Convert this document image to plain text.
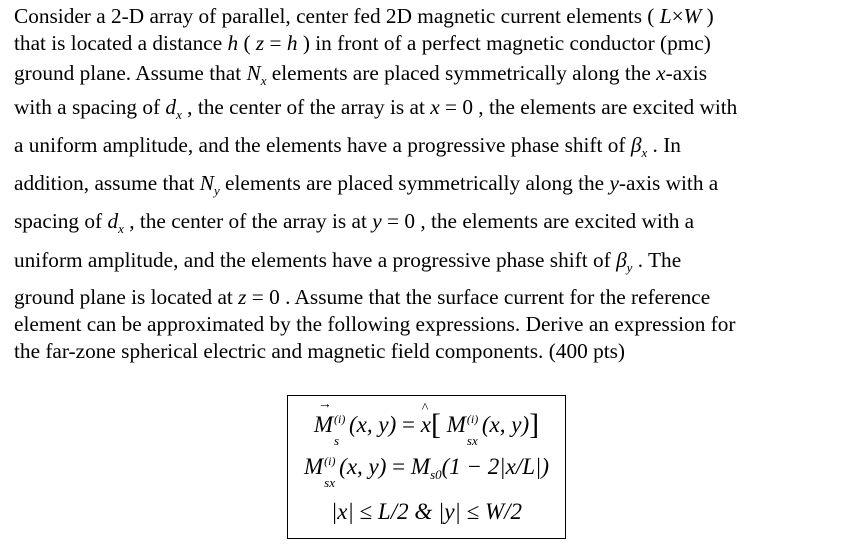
Consider a 2-D array of parallel, center fed 2D magnetic current elements ( L×W )
that is located a distance h ( z = h ) in front of a perfect magnetic conductor (pmc)
ground plane. Assume that $N_x$ elements are placed symmetrically along the x-axis
with a spacing of $d_x$ , the center of the array is at x = 0 , the elements are excited with
a uniform amplitude, and the elements have a progressive phase shift of $\beta_x$ . In
addition, assume that $N_y$ elements are placed symmetrically along the y-axis with a
spacing of $d_x$ , the center of the array is at y = 0 , the elements are excited with a
uniform amplitude, and the elements have a progressive phase shift of $\beta_y$ . The
ground plane is located at z = 0 . Assume that the surface current for the reference
element can be approximated by the following expressions. Derive an expression for
the far-zone spherical electric and magnetic field components. (400 pts)
→ M (i)
s
(x, y) = ^ x[ M (i)
sx
(x, y)]
M (i)
sx
(x, $y) = M_{s0}(1 - 2|x/L|)$
|x| ≤ L/2 & |y| ≤ W/2
